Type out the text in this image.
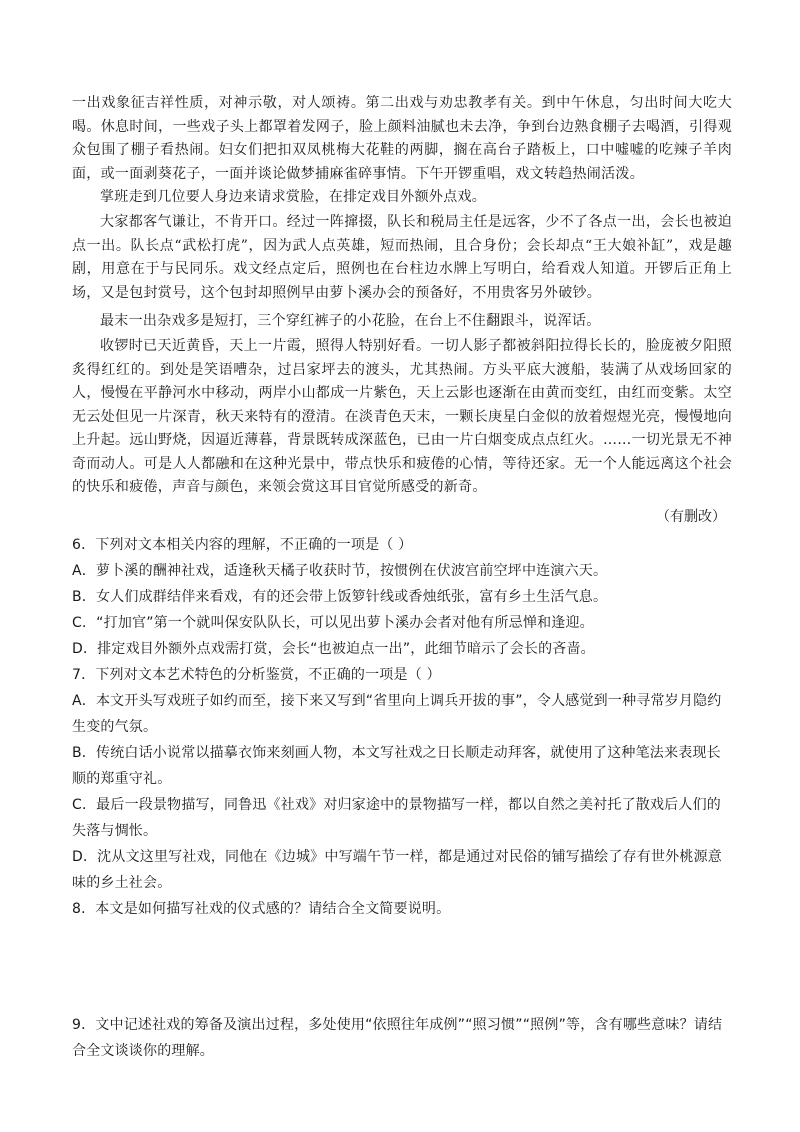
一出戏象征吉祥性质，对神示敬，对人颂祷。第二出戏与劝忠教孝有关。到中午休息，匀出时间大吃大喝。休息时间，一些戏子头上都罩着发网子，脸上颜料油腻也未去净，争到台边熟食棚子去喝酒，引得观众包围了棚子看热闹。妇女们把扣双凤桃梅大花鞋的两脚，搁在高台子踏板上，口中嘘嘘的吃辣子羊肉面，或一面剥葵花子，一面并谈论做梦捕麻雀碎事情。下午开锣重唱，戏文转趋热闹活泼。
掌班走到几位要人身边来请求赏脸，在排定戏目外额外点戏。
大家都客气谦让，不肯开口。经过一阵撺掇，队长和税局主任是远客，少不了各点一出，会长也被迫点一出。队长点“武松打虎”，因为武人点英雄，短而热闹，且合身份；会长却点“王大娘补缸”，戏是趣剧，用意在于与民同乐。戏文经点定后，照例也在台柱边水牌上写明白，给看戏人知道。开锣后正角上场，又是包封赏号，这个包封却照例早由萝卜溪办会的预备好，不用贵客另外破钞。
最末一出杂戏多是短打，三个穿红裤子的小花脸，在台上不住翻跟斗，说浑话。
收锣时已天近黄昏，天上一片霞，照得人特别好看。一切人影子都被斜阳拉得长长的，脸庞被夕阳照炙得红红的。到处是笑语嘈杂，过吕家坪去的渡头，尤其热闹。方头平底大渡船，装满了从戏场回家的人，慢慢在平静河水中移动，两岸小山都成一片紫色，天上云影也逐渐在由黄而变红，由红而变紫。太空无云处但见一片深青，秋天来特有的澄清。在淡青色天末，一颗长庚星白金似的放着煜煜光亮，慢慢地向上升起。远山野烧，因逼近薄暮，背景既转成深蓝色，已由一片白烟变成点点红火。……一切光景无不神奇而动人。可是人人都融和在这种光景中，带点快乐和疲倦的心情，等待还家。无一个人能远离这个社会的快乐和疲倦，声音与颜色，来领会赏这耳目官觉所感受的新奇。
（有删改）
6．下列对文本相关内容的理解，不正确的一项是（ ）
A．萝卜溪的酬神社戏，适逢秋天橘子收获时节，按惯例在伏波宫前空坪中连演六天。
B．女人们成群结伴来看戏，有的还会带上饭箩针线或香烛纸张，富有乡土生活气息。
C．“打加官”第一个就叫保安队队长，可以见出萝卜溪办会者对他有所忌惮和逢迎。
D．排定戏目外额外点戏需打赏，会长“也被迫点一出”，此细节暗示了会长的吝啬。
7．下列对文本艺术特色的分析鉴赏，不正确的一项是（ ）
A．本文开头写戏班子如约而至，接下来又写到“省里向上调兵开拔的事”，令人感觉到一种寻常岁月隐约生变的气氛。
B．传统白话小说常以描摹衣饰来刻画人物，本文写社戏之日长顺走动拜客，就使用了这种笔法来表现长顺的郑重守礼。
C．最后一段景物描写，同鲁迅《社戏》对归家途中的景物描写一样，都以自然之美衬托了散戏后人们的失落与惆怅。
D．沈从文这里写社戏，同他在《边城》中写端午节一样，都是通过对民俗的铺写描绘了存有世外桃源意味的乡土社会。
8．本文是如何描写社戏的仪式感的？请结合全文简要说明。
9．文中记述社戏的筹备及演出过程，多处使用“依照往年成例”“照习惯”“照例”等，含有哪些意味？请结合全文谈谈你的理解。
